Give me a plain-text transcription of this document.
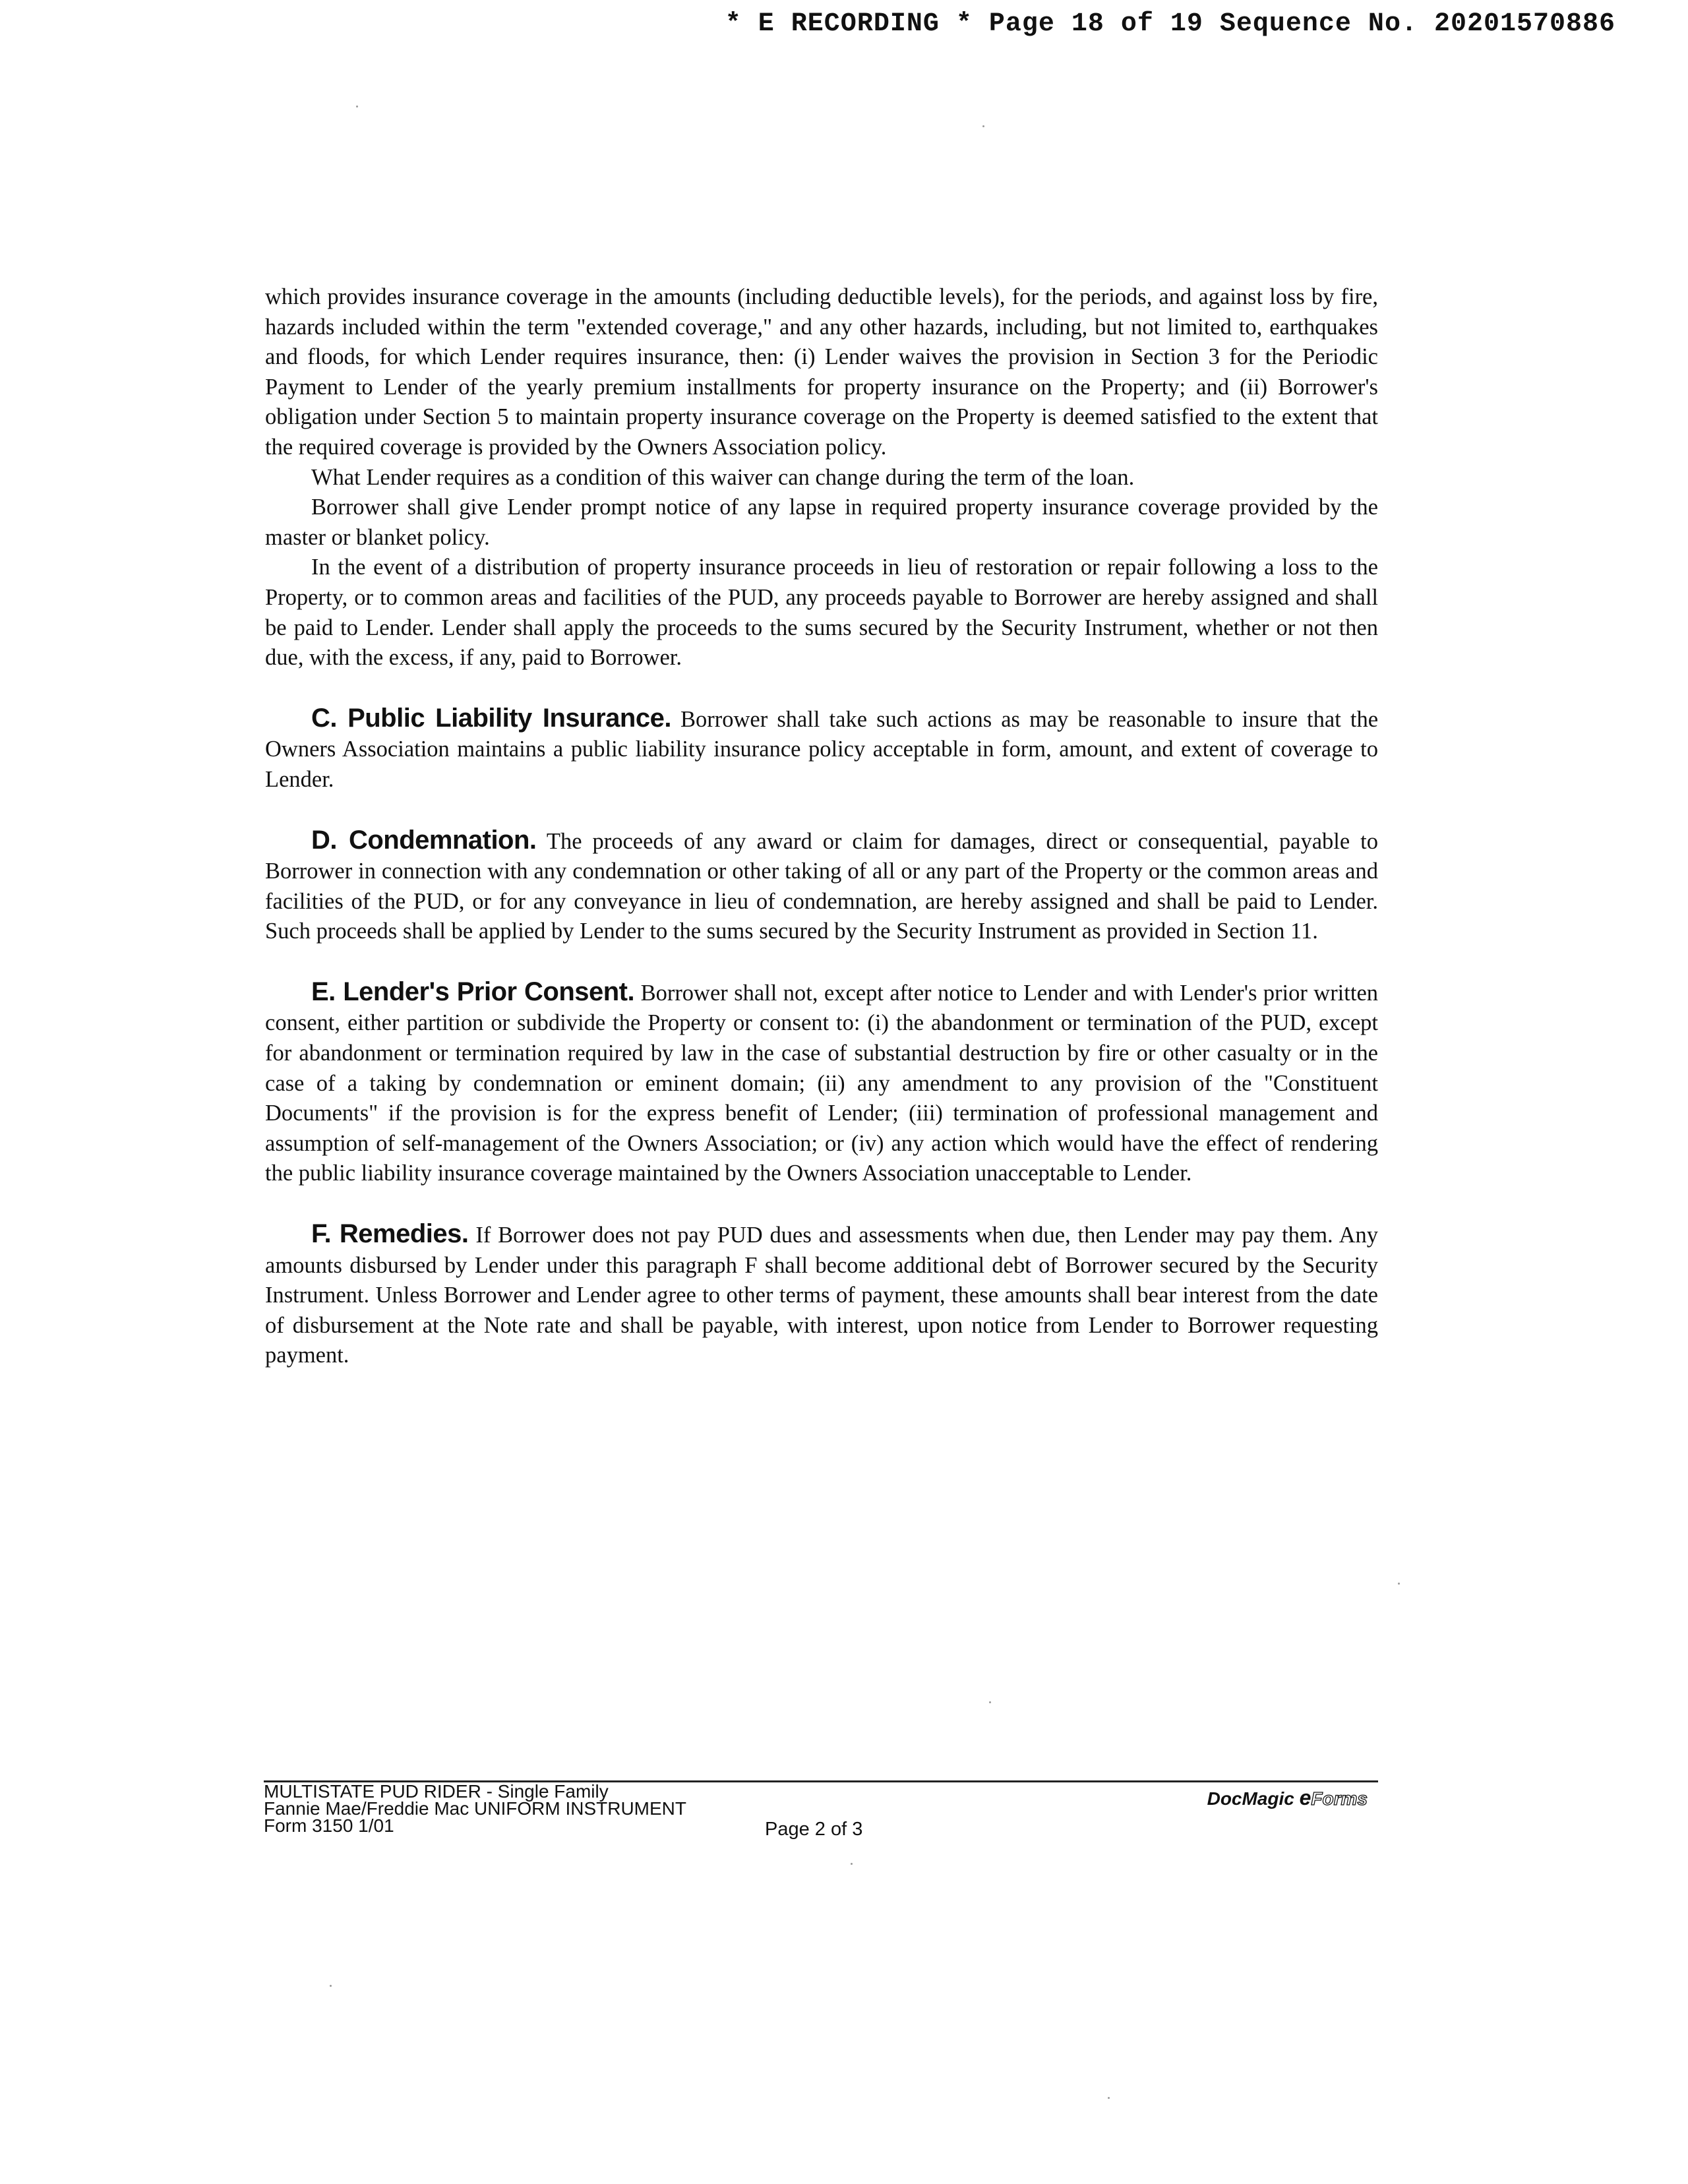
* E RECORDING * Page 18 of 19 Sequence No. 20201570886

which provides insurance coverage in the amounts (including deductible levels), for the periods, and against loss by fire, hazards included within the term "extended coverage," and any other hazards, including, but not limited to, earthquakes and floods, for which Lender requires insurance, then: (i) Lender waives the provision in Section 3 for the Periodic Payment to Lender of the yearly premium installments for property insurance on the Property; and (ii) Borrower's obligation under Section 5 to maintain property insurance coverage on the Property is deemed satisfied to the extent that the required coverage is provided by the Owners Association policy.

What Lender requires as a condition of this waiver can change during the term of the loan.

Borrower shall give Lender prompt notice of any lapse in required property insurance coverage provided by the master or blanket policy.

In the event of a distribution of property insurance proceeds in lieu of restoration or repair following a loss to the Property, or to common areas and facilities of the PUD, any proceeds payable to Borrower are hereby assigned and shall be paid to Lender. Lender shall apply the proceeds to the sums secured by the Security Instrument, whether or not then due, with the excess, if any, paid to Borrower.

C. Public Liability Insurance. Borrower shall take such actions as may be reasonable to insure that the Owners Association maintains a public liability insurance policy acceptable in form, amount, and extent of coverage to Lender.

D. Condemnation. The proceeds of any award or claim for damages, direct or consequential, payable to Borrower in connection with any condemnation or other taking of all or any part of the Property or the common areas and facilities of the PUD, or for any conveyance in lieu of condemnation, are hereby assigned and shall be paid to Lender. Such proceeds shall be applied by Lender to the sums secured by the Security Instrument as provided in Section 11.

E. Lender's Prior Consent. Borrower shall not, except after notice to Lender and with Lender's prior written consent, either partition or subdivide the Property or consent to: (i) the abandonment or termination of the PUD, except for abandonment or termination required by law in the case of substantial destruction by fire or other casualty or in the case of a taking by condemnation or eminent domain; (ii) any amendment to any provision of the "Constituent Documents" if the provision is for the express benefit of Lender; (iii) termination of professional management and assumption of self-management of the Owners Association; or (iv) any action which would have the effect of rendering the public liability insurance coverage maintained by the Owners Association unacceptable to Lender.

F. Remedies. If Borrower does not pay PUD dues and assessments when due, then Lender may pay them. Any amounts disbursed by Lender under this paragraph F shall become additional debt of Borrower secured by the Security Instrument. Unless Borrower and Lender agree to other terms of payment, these amounts shall bear interest from the date of disbursement at the Note rate and shall be payable, with interest, upon notice from Lender to Borrower requesting payment.

MULTISTATE PUD RIDER - Single Family
Fannie Mae/Freddie Mac UNIFORM INSTRUMENT
Form 3150 1/01	Page 2 of 3
DocMagic eForms
